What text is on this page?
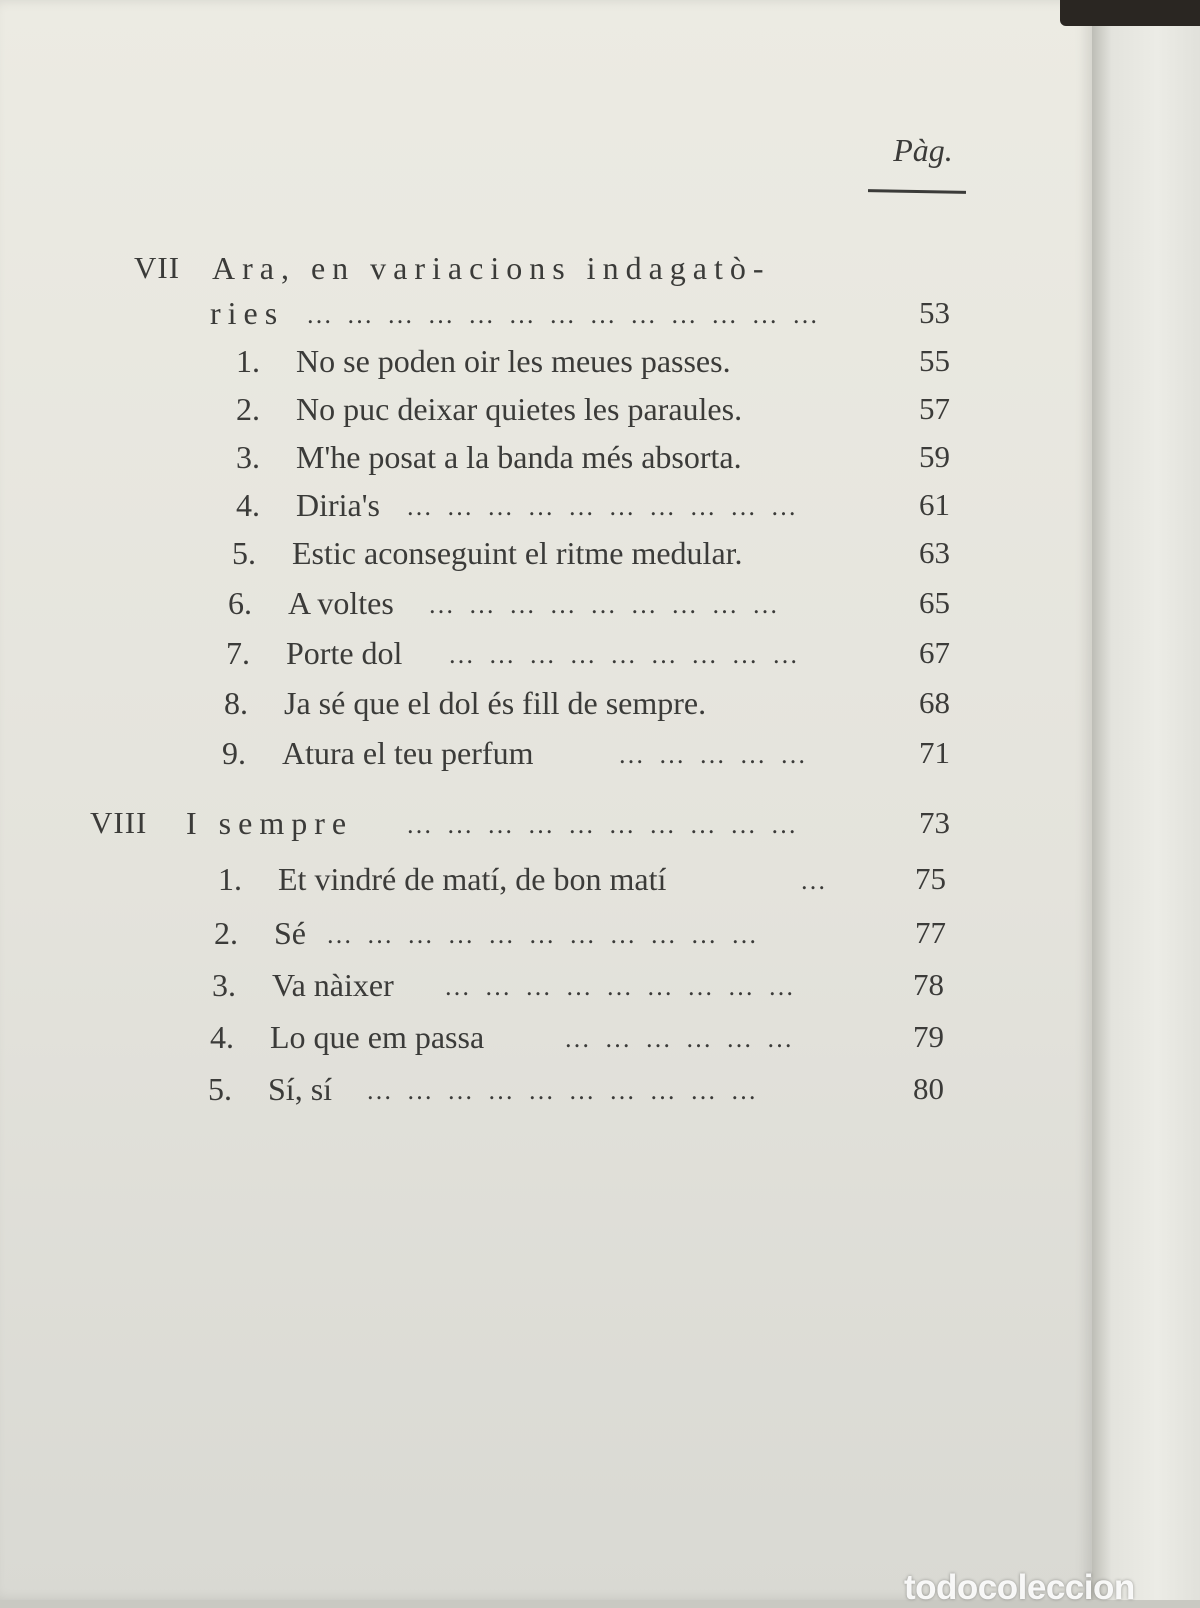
Pàg.
VII Ara, en variacions indagatò-
ries … … … … … … … … … … … … …	53
1. No se poden oir les meues passes.	55
2. No puc deixar quietes les paraules.	57
3. M'he posat a la banda més absorta.	59
4. Diria's … … … … … … … … … …	61
5. Estic aconseguint el ritme medular.	63
6. A voltes … … … … … … … … …	65
7. Porte dol … … … … … … … … …	67
8. Ja sé que el dol és fill de sempre.	68
9. Atura el teu perfum	… … … … …	71
VIII I sempre … … … … … … … … … …	73
1. Et vindré de matí, de bon matí	…	75
2. Sé … … … … … … … … … … …	77
3. Va nàixer … … … … … … … … …	78
4. Lo que em passa	… … … … … …	79
5. Sí, sí … … … … … … … … … …	80
todocoleccion
